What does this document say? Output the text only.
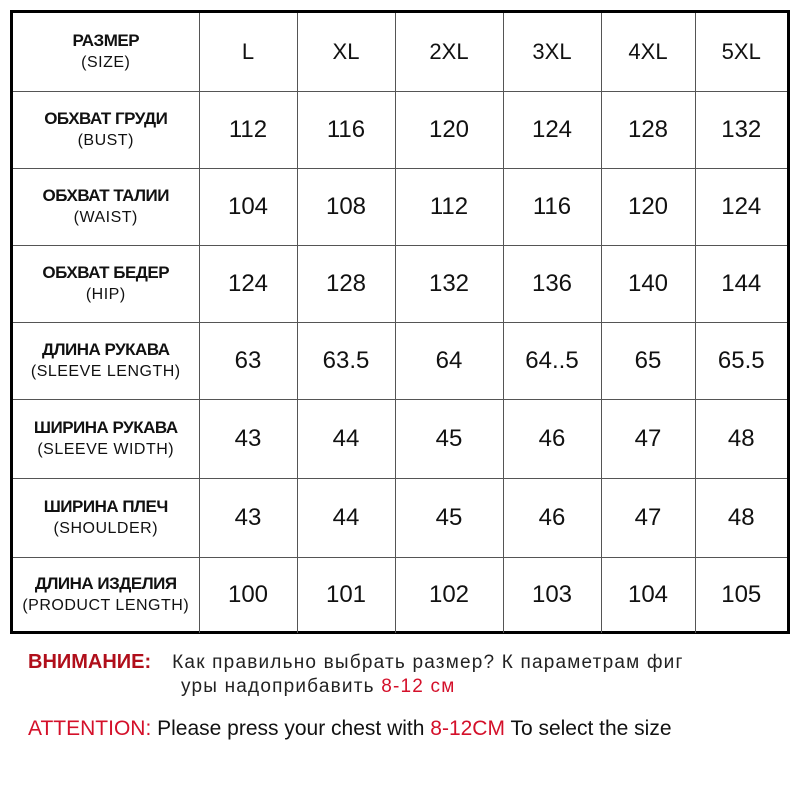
РАЗМЕР
(SIZE)	L	XL	2XL	3XL	4XL	5XL

ОБХВАТ ГРУДИ
(BUST)	112	116	120	124	128	132

ОБХВАТ ТАЛИИ
(WAIST)	104	108	112	116	120	124

ОБХВАТ БЕДЕР
(HIP)	124	128	132	136	140	144

ДЛИНА РУКАВА
(SLEEVE LENGTH)	63	63.5	64	64..5	65	65.5

ШИРИНА РУКАВА
(SLEEVE WIDTH)	43	44	45	46	47	48

ШИРИНА ПЛЕЧ
(SHOULDER)	43	44	45	46	47	48

ДЛИНА ИЗДЕЛИЯ
(PRODUCT LENGTH)	100	101	102	103	104	105
ВНИМАНИЕ: Как правильно выбрать размер? К параметрам фиг
уры надоприбавить 8-12 см
ATTENTION: Please press your chest with 8-12CM To select the size
